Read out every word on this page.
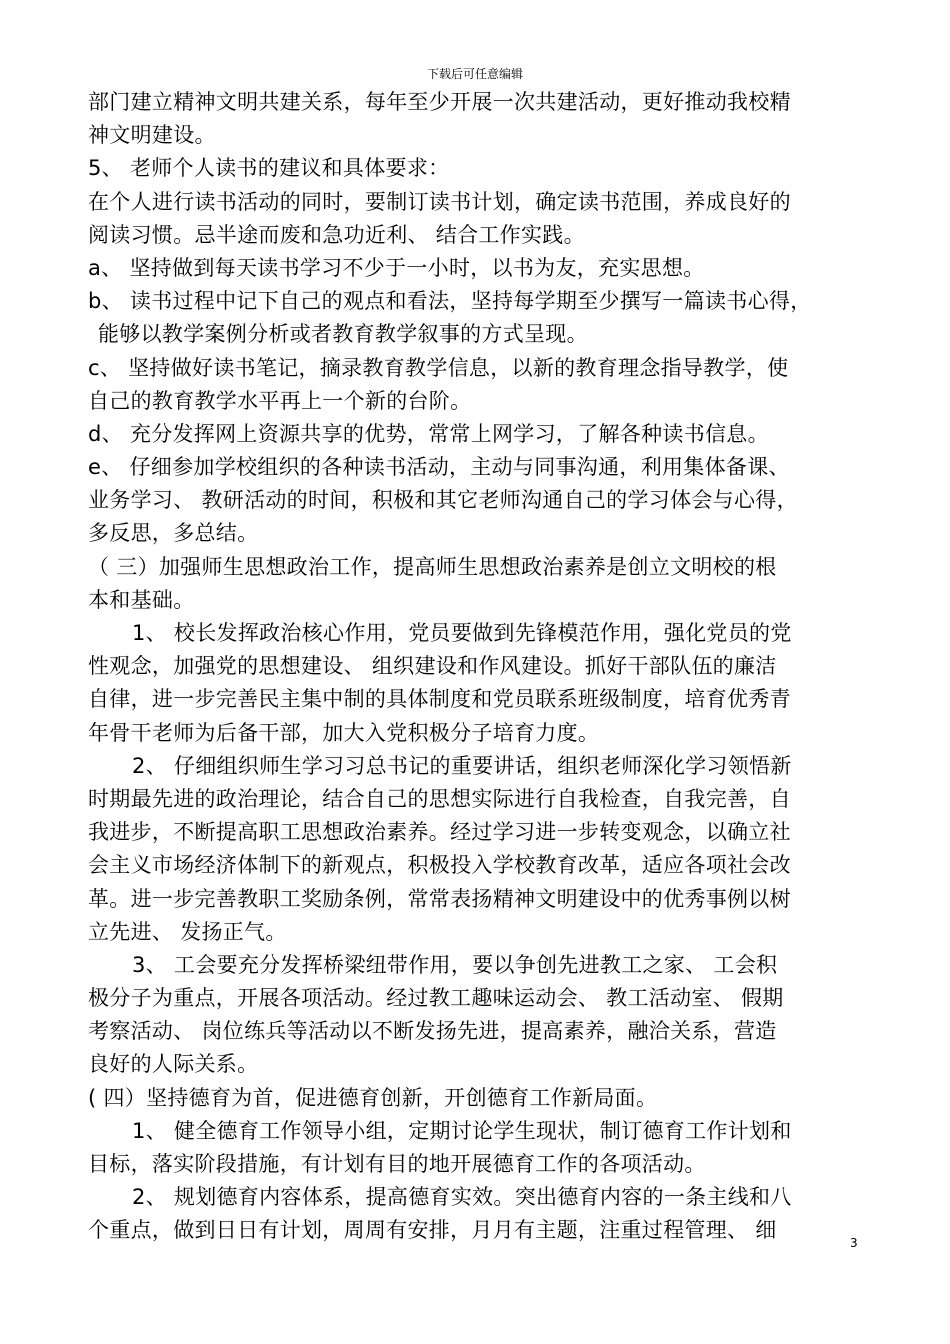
下载后可任意编辑
部门建立精神文明共建关系，每年至少开展一次共建活动，更好推动我校精
神文明建设。
5、 老师个人读书的建议和具体要求：
在个人进行读书活动的同时，要制订读书计划，确定读书范围，养成良好的
阅读习惯。忌半途而废和急功近利、 结合工作实践。
a、 坚持做到每天读书学习不少于一小时，以书为友，充实思想。
b、 读书过程中记下自己的观点和看法，坚持每学期至少撰写一篇读书心得，
能够以教学案例分析或者教育教学叙事的方式呈现。
c、 坚持做好读书笔记，摘录教育教学信息，以新的教育理念指导教学，使
自己的教育教学水平再上一个新的台阶。
d、 充分发挥网上资源共享的优势，常常上网学习，了解各种读书信息。
e、 仔细参加学校组织的各种读书活动，主动与同事沟通，利用集体备课、
业务学习、 教研活动的时间，积极和其它老师沟通自己的学习体会与心得，
多反思，多总结。
（ 三）加强师生思想政治工作，提高师生思想政治素养是创立文明校的根
本和基础。
1、 校长发挥政治核心作用，党员要做到先锋模范作用，强化党员的党
性观念，加强党的思想建设、 组织建设和作风建设。抓好干部队伍的廉洁
自律，进一步完善民主集中制的具体制度和党员联系班级制度，培育优秀青
年骨干老师为后备干部，加大入党积极分子培育力度。
2、 仔细组织师生学习习总书记的重要讲话，组织老师深化学习领悟新
时期最先进的政治理论，结合自己的思想实际进行自我检查，自我完善，自
我进步，不断提高职工思想政治素养。经过学习进一步转变观念，以确立社
会主义市场经济体制下的新观点，积极投入学校教育改革，适应各项社会改
革。进一步完善教职工奖励条例，常常表扬精神文明建设中的优秀事例以树
立先进、 发扬正气。
3、 工会要充分发挥桥梁纽带作用，要以争创先进教工之家、 工会积
极分子为重点，开展各项活动。经过教工趣味运动会、 教工活动室、 假期
考察活动、 岗位练兵等活动以不断发扬先进，提高素养，融洽关系，营造
良好的人际关系。
( 四）坚持德育为首，促进德育创新，开创德育工作新局面。
1、 健全德育工作领导小组，定期讨论学生现状，制订德育工作计划和
目标，落实阶段措施，有计划有目的地开展德育工作的各项活动。
2、 规划德育内容体系，提高德育实效。突出德育内容的一条主线和八
个重点，做到日日有计划，周周有安排，月月有主题，注重过程管理、 细
3
